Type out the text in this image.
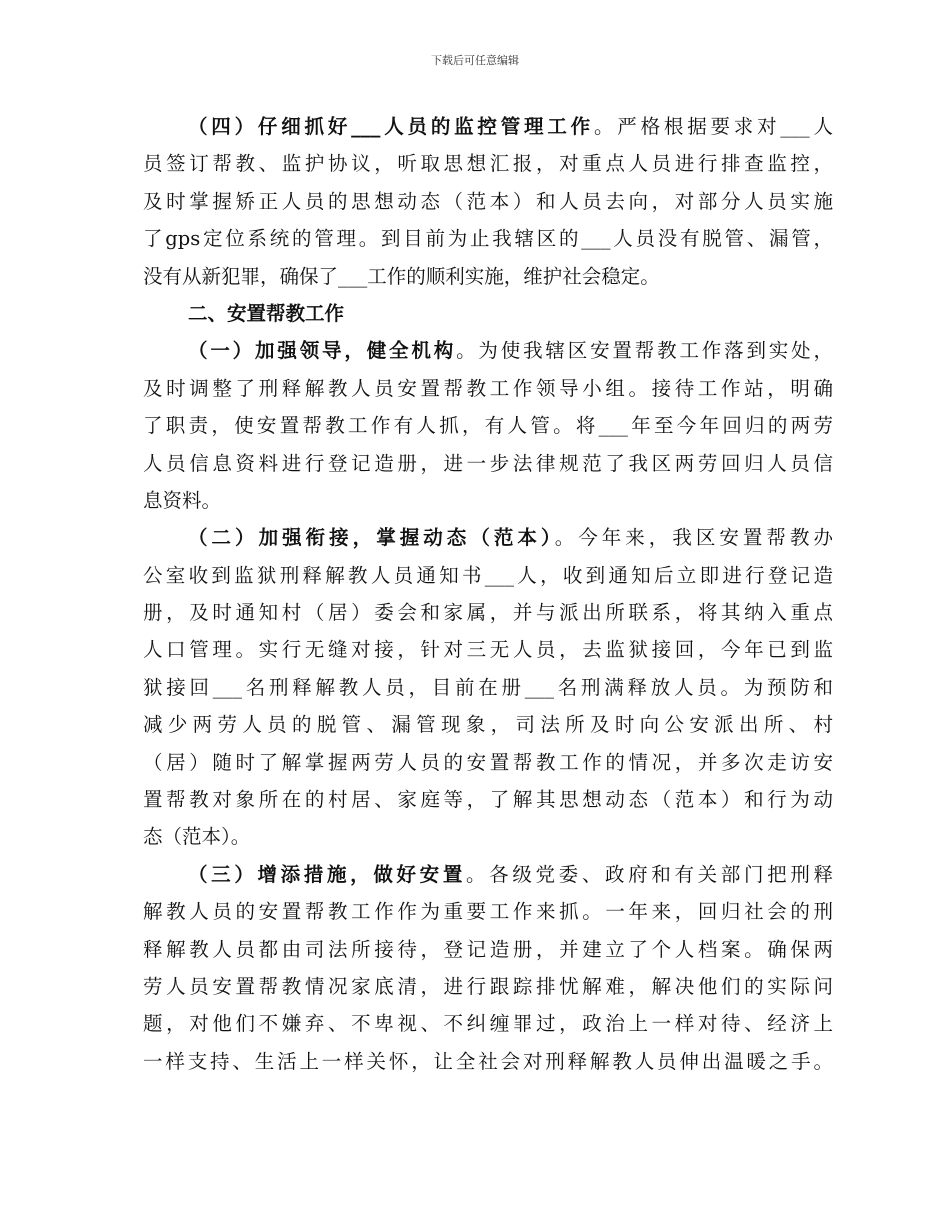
下载后可任意编辑
（四）仔细抓好___人员的监控管理工作。严格根据要求对___人
员签订帮教、监护协议，听取思想汇报，对重点人员进行排查监控，
及时掌握矫正人员的思想动态（范本）和人员去向，对部分人员实施
了gps定位系统的管理。到目前为止我辖区的___人员没有脱管、漏管，
没有从新犯罪，确保了___工作的顺利实施，维护社会稳定。
二、安置帮教工作
（一）加强领导，健全机构。为使我辖区安置帮教工作落到实处，
及时调整了刑释解教人员安置帮教工作领导小组。接待工作站，明确
了职责，使安置帮教工作有人抓，有人管。将___年至今年回归的两劳
人员信息资料进行登记造册，进一步法律规范了我区两劳回归人员信
息资料。
（二）加强衔接，掌握动态（范本）。今年来，我区安置帮教办
公室收到监狱刑释解教人员通知书___人，收到通知后立即进行登记造
册，及时通知村（居）委会和家属，并与派出所联系，将其纳入重点
人口管理。实行无缝对接，针对三无人员，去监狱接回，今年已到监
狱接回___名刑释解教人员，目前在册___名刑满释放人员。为预防和
减少两劳人员的脱管、漏管现象，司法所及时向公安派出所、村
（居）随时了解掌握两劳人员的安置帮教工作的情况，并多次走访安
置帮教对象所在的村居、家庭等，了解其思想动态（范本）和行为动
态（范本）。
（三）增添措施，做好安置。各级党委、政府和有关部门把刑释
解教人员的安置帮教工作作为重要工作来抓。一年来，回归社会的刑
释解教人员都由司法所接待，登记造册，并建立了个人档案。确保两
劳人员安置帮教情况家底清，进行跟踪排忧解难，解决他们的实际问
题，对他们不嫌弃、不卑视、不纠缠罪过，政治上一样对待、经济上
一样支持、生活上一样关怀，让全社会对刑释解教人员伸出温暖之手。
